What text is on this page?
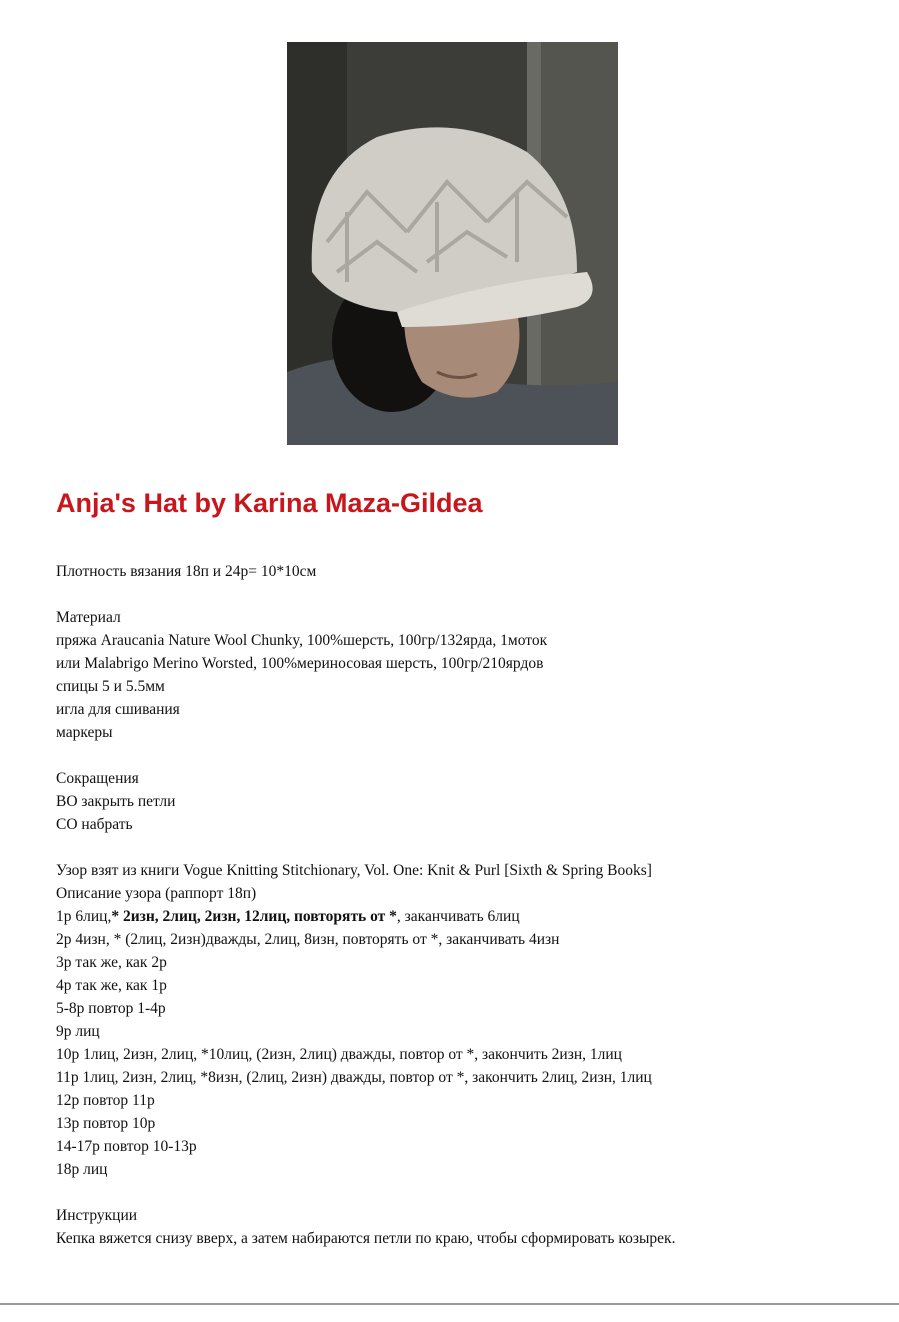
Anja's Hat by Karina Maza-Gildea

Плотность вязания 18п и 24р= 10*10см

Материал

пряжа Araucania Nature Wool Chunky, 100%шерсть, 100гр/132ярда, 1моток

или Malabrigo Merino Worsted, 100%мериносовая шерсть, 100гр/210ярдов

спицы 5 и 5.5мм

игла для сшивания

маркеры

Сокращения

BO закрыть петли

CO набрать

Узор взят из книги Vogue Knitting Stitchionary, Vol. One: Knit & Purl [Sixth & Spring Books]

Описание узора (раппорт 18п)

1р 6лиц,* 2изн, 2лиц, 2изн, 12лиц, повторять от *, заканчивать 6лиц

2р 4изн, * (2лиц, 2изн)дважды, 2лиц, 8изн, повторять от *, заканчивать 4изн

3р так же, как 2р

4р так же, как 1р

5-8р повтор 1-4р

9р лиц

10р 1лиц, 2изн, 2лиц, *10лиц, (2изн, 2лиц) дважды, повтор от *, закончить 2изн, 1лиц

11р 1лиц, 2изн, 2лиц, *8изн, (2лиц, 2изн) дважды, повтор от *, закончить 2лиц, 2изн, 1лиц

12р повтор 11р

13р повтор 10р

14-17р повтор 10-13р

18р лиц

Инструкции

Кепка вяжется снизу вверх, а затем набираются петли по краю, чтобы сформировать козырек.
